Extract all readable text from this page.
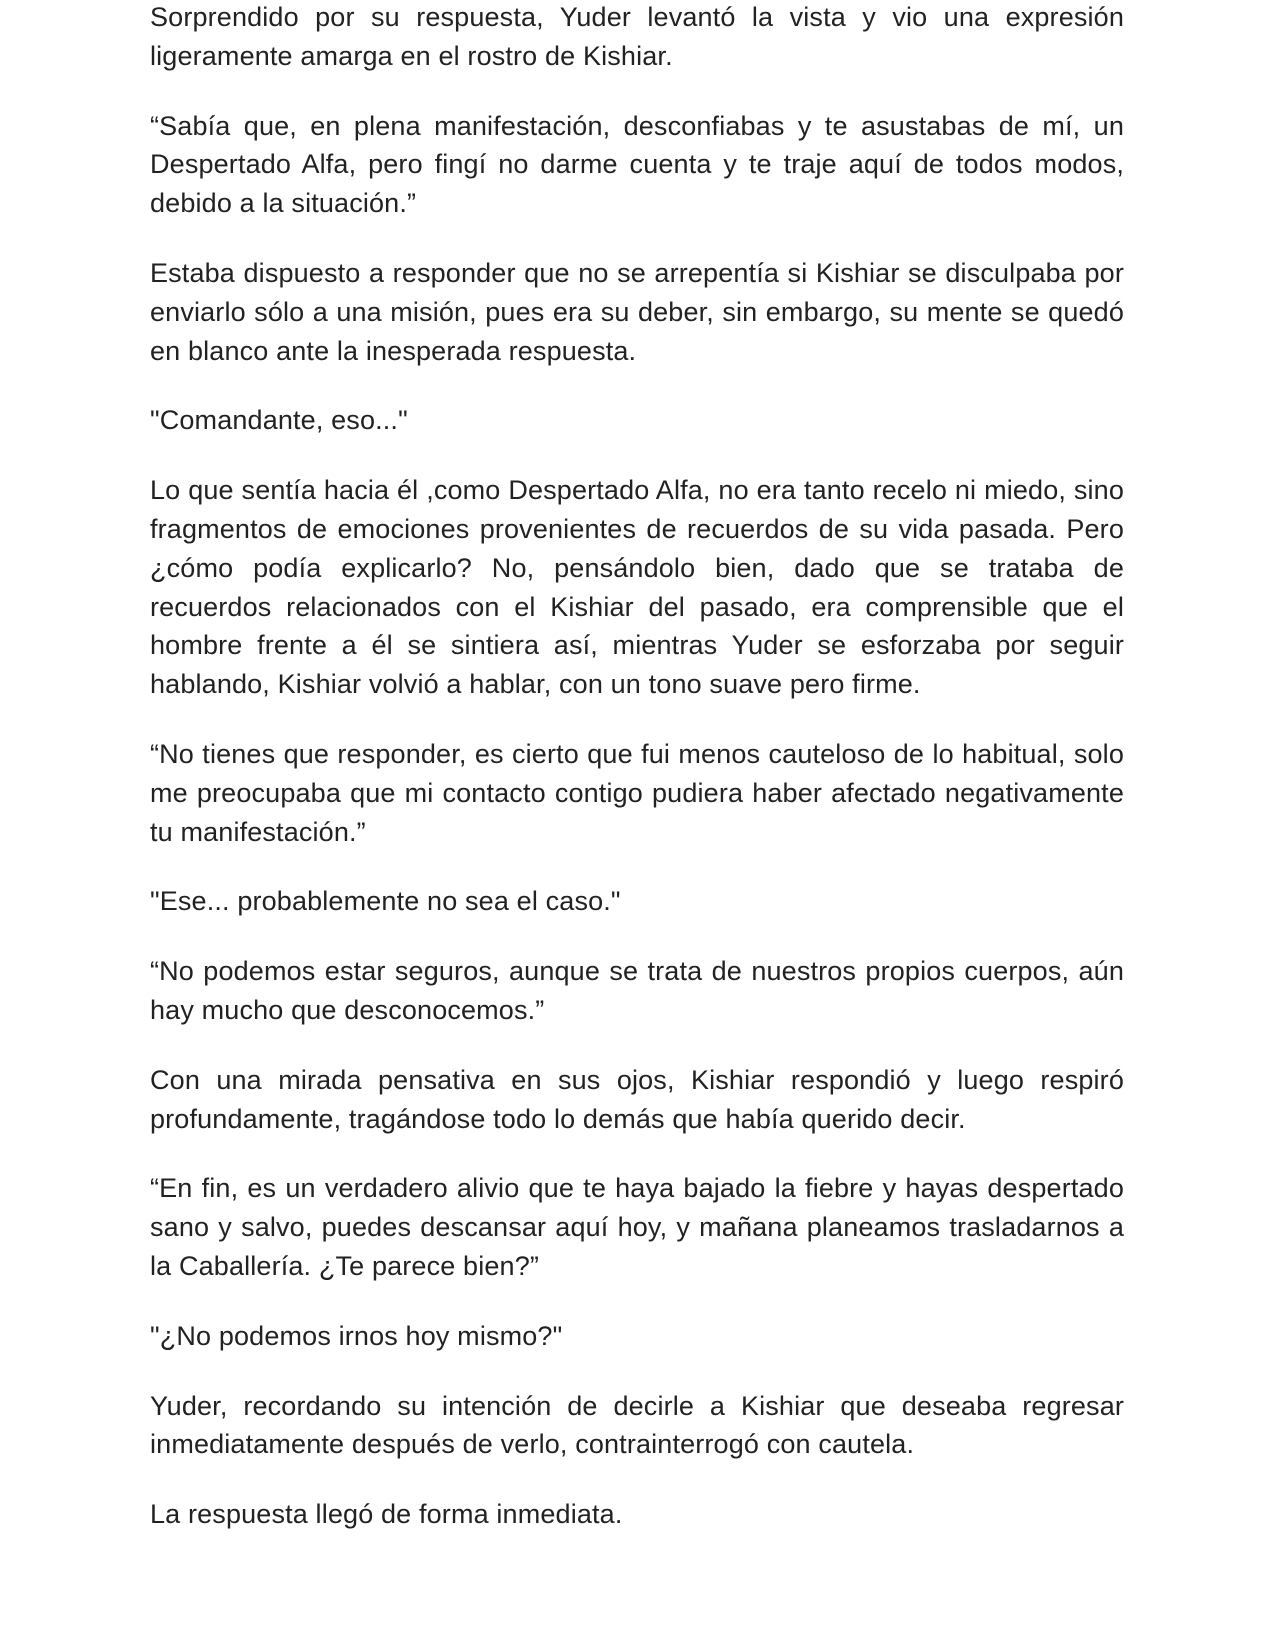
Sorprendido por su respuesta, Yuder levantó la vista y vio una expresión ligeramente amarga en el rostro de Kishiar.

“Sabía que, en plena manifestación, desconfiabas y te asustabas de mí, un Despertado Alfa, pero fingí no darme cuenta y te traje aquí de todos modos, debido a la situación.”

Estaba dispuesto a responder que no se arrepentía si Kishiar se disculpaba por enviarlo sólo a una misión, pues era su deber, sin embargo, su mente se quedó en blanco ante la inesperada respuesta.

"Comandante, eso..."

Lo que sentía hacia él ,como Despertado Alfa, no era tanto recelo ni miedo, sino fragmentos de emociones provenientes de recuerdos de su vida pasada. Pero ¿cómo podía explicarlo? No, pensándolo bien, dado que se trataba de recuerdos relacionados con el Kishiar del pasado, era comprensible que el hombre frente a él se sintiera así, mientras Yuder se esforzaba por seguir hablando, Kishiar volvió a hablar, con un tono suave pero firme.

“No tienes que responder, es cierto que fui menos cauteloso de lo habitual, solo me preocupaba que mi contacto contigo pudiera haber afectado negativamente tu manifestación.”

"Ese... probablemente no sea el caso."

“No podemos estar seguros, aunque se trata de nuestros propios cuerpos, aún hay mucho que desconocemos.”

Con una mirada pensativa en sus ojos, Kishiar respondió y luego respiró profundamente, tragándose todo lo demás que había querido decir.

“En fin, es un verdadero alivio que te haya bajado la fiebre y hayas despertado sano y salvo, puedes descansar aquí hoy, y mañana planeamos trasladarnos a la Caballería. ¿Te parece bien?”

"¿No podemos irnos hoy mismo?"

Yuder, recordando su intención de decirle a Kishiar que deseaba regresar inmediatamente después de verlo, contrainterrogó con cautela.

La respuesta llegó de forma inmediata.
